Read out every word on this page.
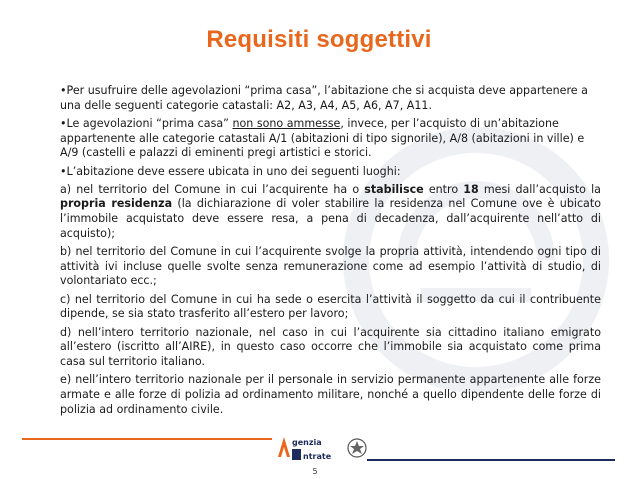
Requisiti soggettivi

•Per usufruire delle agevolazioni “prima casa”, l’abitazione che si acquista deve appartenere a una delle seguenti categorie catastali: A2, A3, A4, A5, A6, A7, A11.

•Le agevolazioni “prima casa” non sono ammesse, invece, per l’acquisto di un’abitazione appartenente alle categorie catastali A/1 (abitazioni di tipo signorile), A/8 (abitazioni in ville) e A/9 (castelli e palazzi di eminenti pregi artistici e storici.

•L’abitazione deve essere ubicata in uno dei seguenti luoghi:

a) nel territorio del Comune in cui l’acquirente ha o stabilisce entro 18 mesi dall’acquisto la propria residenza (la dichiarazione di voler stabilire la residenza nel Comune ove è ubicato l’immobile acquistato deve essere resa, a pena di decadenza, dall’acquirente nell’atto di acquisto);

b) nel territorio del Comune in cui l’acquirente svolge la propria attività, intendendo ogni tipo di attività ivi incluse quelle svolte senza remunerazione come ad esempio l’attività di studio, di volontariato ecc.;

c) nel territorio del Comune in cui ha sede o esercita l’attività il soggetto da cui il contribuente dipende, se sia stato trasferito all’estero per lavoro;

d) nell’intero territorio nazionale, nel caso in cui l’acquirente sia cittadino italiano emigrato all’estero (iscritto all’AIRE), in questo caso occorre che l’immobile sia acquistato come prima casa sul territorio italiano.

e) nell’intero territorio nazionale per il personale in servizio permanente appartenente alle forze armate e alle forze di polizia ad ordinamento militare, nonché a quello dipendente delle forze di polizia ad ordinamento civile.

genzia
ntrate
5
